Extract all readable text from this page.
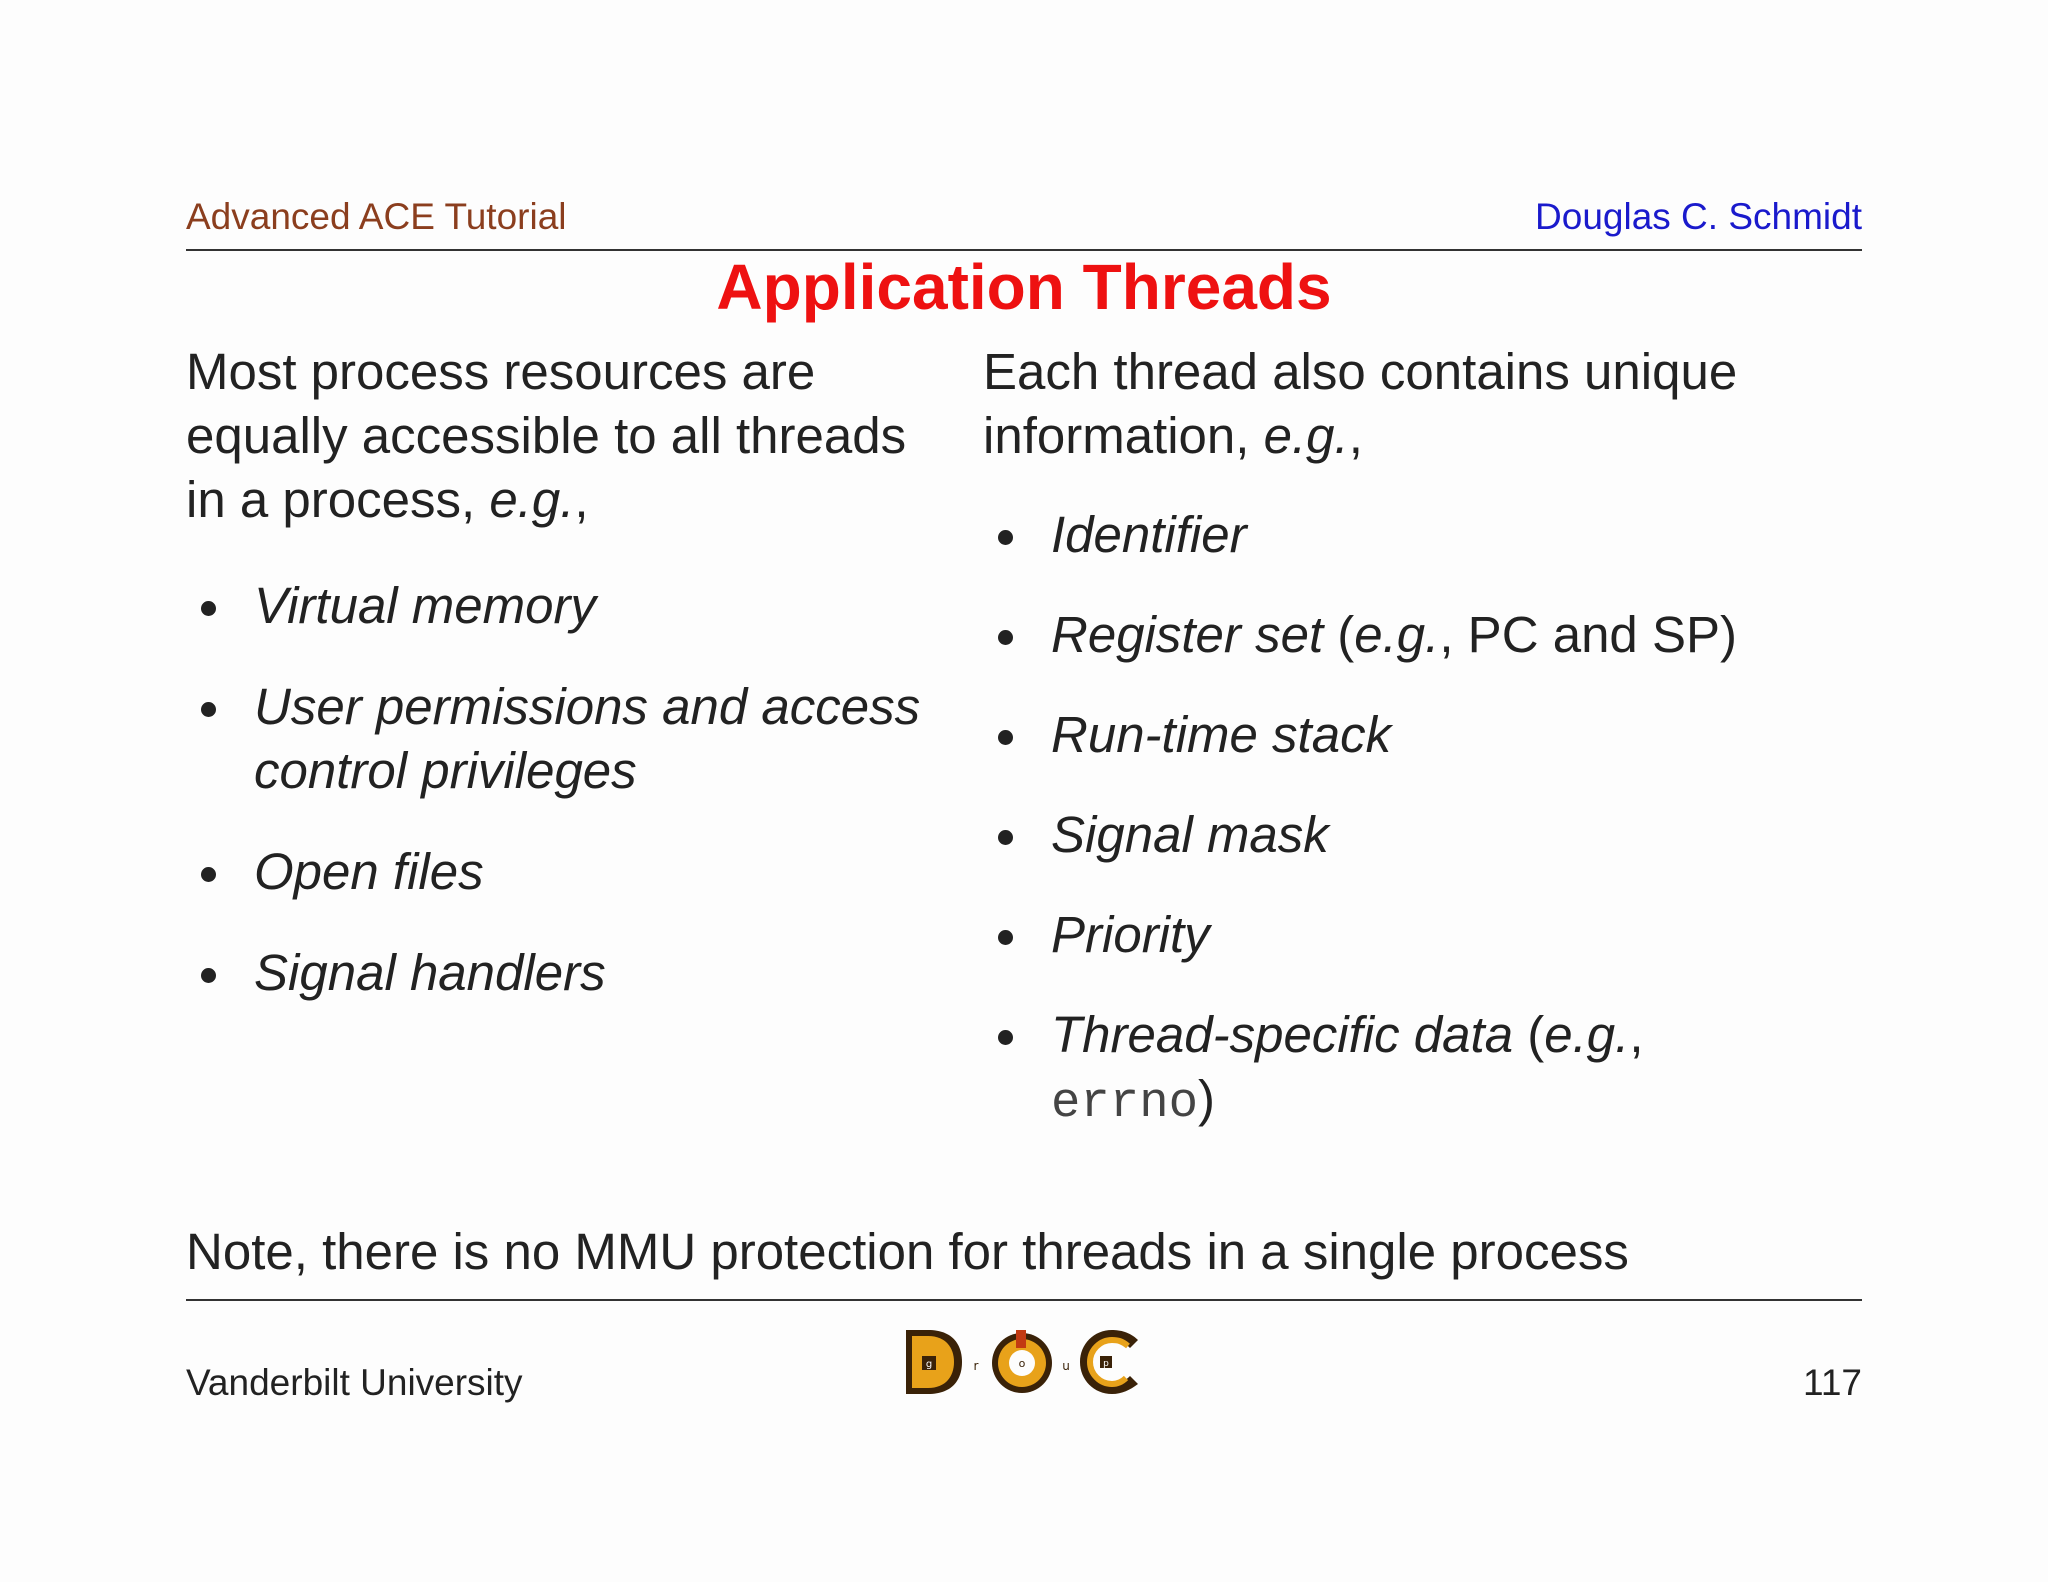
Advanced ACE Tutorial	Douglas C. Schmidt
Application Threads

Most process resources are
equally accessible to all threads
in a process, e.g.,

Virtual memory
User permissions and access
control privileges
Open files
Signal handlers

Each thread also contains unique
information, e.g.,

Identifier
Register set (e.g., PC and SP)
Run-time stack
Signal mask
Priority
Thread-specific data (e.g.,
errno)
Note, there is no MMU protection for threads in a single process
Vanderbilt University	117
g	r	o	u	p
